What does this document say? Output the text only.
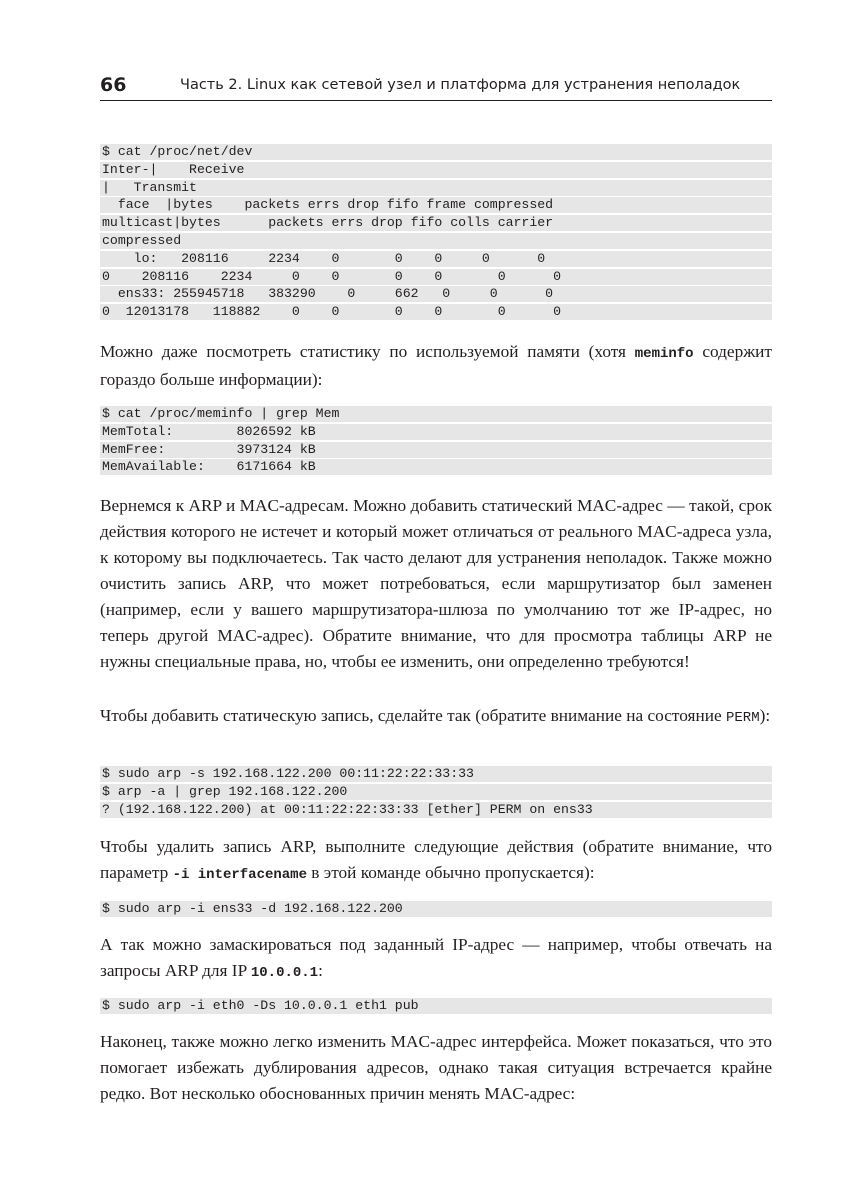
66	Часть 2. Linux как сетевой узел и платформа для устранения неполадок
$ cat /proc/net/dev
Inter-|    Receive
|   Transmit
face  |bytes    packets errs drop fifo frame compressed
multicast|bytes      packets errs drop fifo colls carrier
compressed
lo:   208116     2234    0       0    0     0      0
0    208116    2234     0    0       0    0       0      0
ens33: 255945718   383290    0     662   0     0      0
0  12013178   118882    0    0       0    0       0      0
Можно даже посмотреть статистику по используемой памяти (хотя meminfo содержит гораздо больше информации):
$ cat /proc/meminfo | grep Mem
MemTotal:        8026592 kB
MemFree:         3973124 kB
MemAvailable:    6171664 kB
Вернемся к ARP и MAC-адресам. Можно добавить статический MAC-адрес — такой, срок действия которого не истечет и который может отличаться от реального MAC-адреса узла, к которому вы подключаетесь. Так часто делают для устранения неполадок. Также можно очистить запись ARP, что может потребоваться, если маршрутизатор был заменен (например, если у вашего маршрутизатора-шлюза по умолчанию тот же IP-адрес, но теперь другой MAC-адрес). Обратите внимание, что для просмотра таблицы ARP не нужны специальные права, но, чтобы ее изменить, они определенно требуются!
Чтобы добавить статическую запись, сделайте так (обратите внимание на состояние PERM):
$ sudo arp -s 192.168.122.200 00:11:22:22:33:33
$ arp -a | grep 192.168.122.200
? (192.168.122.200) at 00:11:22:22:33:33 [ether] PERM on ens33
Чтобы удалить запись ARP, выполните следующие действия (обратите внимание, что параметр -i interfacename в этой команде обычно пропускается):
$ sudo arp -i ens33 -d 192.168.122.200
А так можно замаскироваться под заданный IP-адрес — например, чтобы отвечать на запросы ARP для IP 10.0.0.1:
$ sudo arp -i eth0 -Ds 10.0.0.1 eth1 pub
Наконец, также можно легко изменить MAC-адрес интерфейса. Может показаться, что это помогает избежать дублирования адресов, однако такая ситуация встречается крайне редко. Вот несколько обоснованных причин менять MAC-адрес:
